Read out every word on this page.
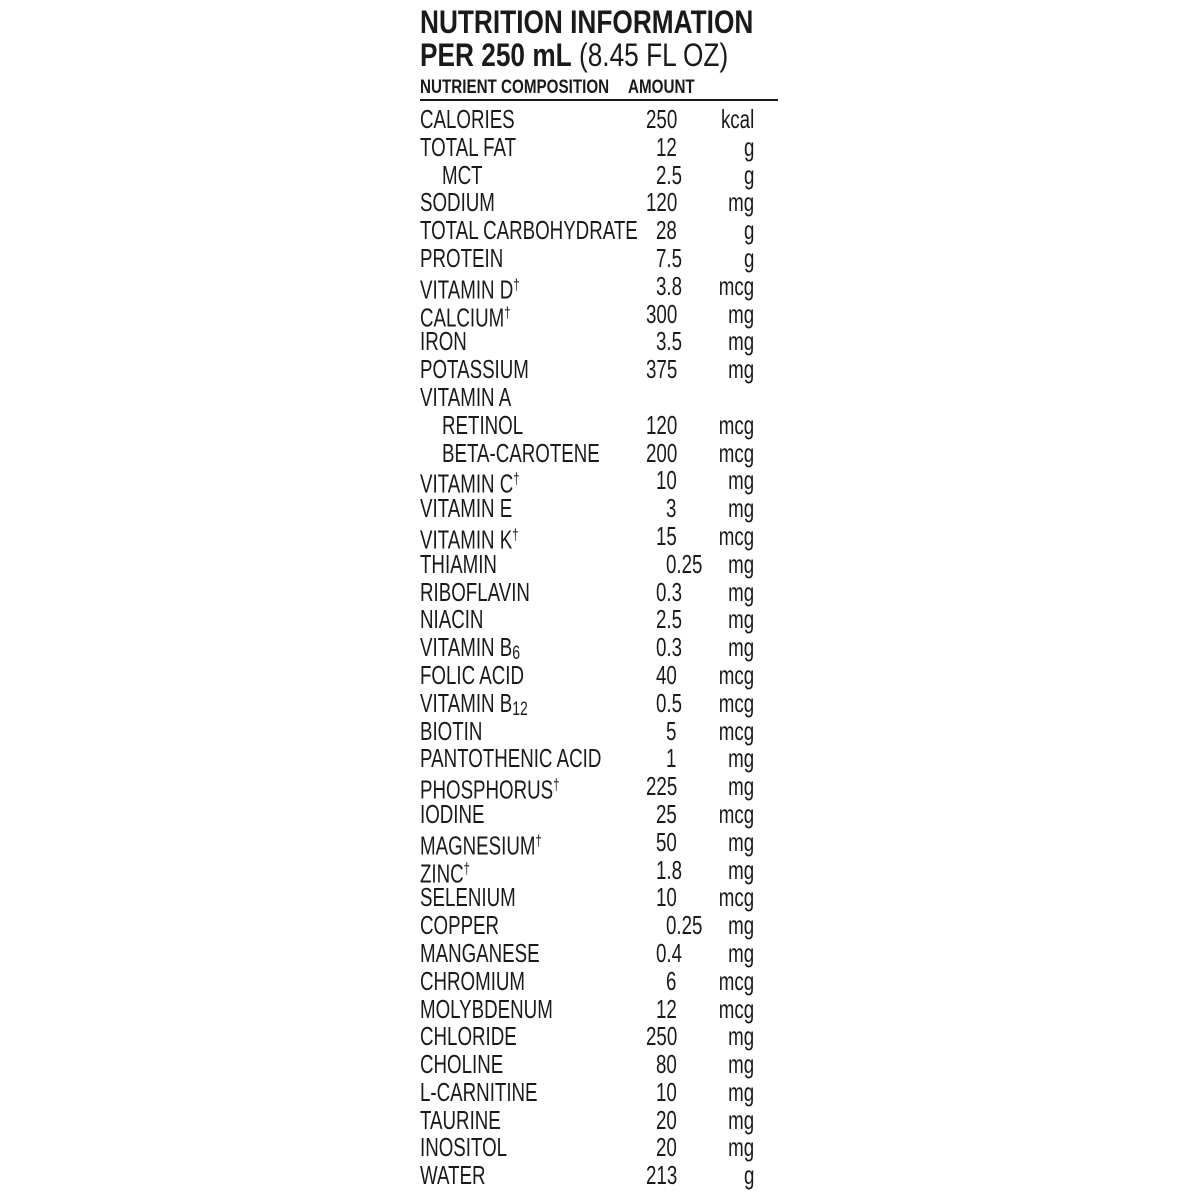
NUTRITION INFORMATION
PER 250 mL (8.45 FL OZ)
NUTRIENT COMPOSITION AMOUNT
CALORIES	250 kcal
TOTAL FAT	12	g
MCT	2.5 g
SODIUM	120 mg
TOTAL CARBOHYDRATE 28	g
PROTEIN	7.5 g
VITAMIN D†	3.8 mcg
CALCIUM†	300 mg
IRON	3.5 mg
POTASSIUM	375 mg
VITAMIN A
RETINOL	120 mcg
BETA-CAROTENE 200 mcg
VITAMIN C†	10 mg
VITAMIN E	3 mg
VITAMIN K†	15 mcg
THIAMIN	0.25 mg
RIBOFLAVIN	0.3 mg
NIACIN	2.5 mg
VITAMIN $B_6$	0.3 mg
FOLIC ACID	40 mcg
VITAMIN $B_{12}$	0.5 mcg
BIOTIN	5 mcg
PANTOTHENIC ACID 1 mg
PHOSPHORUS†	225 mg
IODINE	25 mcg
MAGNESIUM†	50 mg
ZINC†	1.8 mg
SELENIUM	10 mcg
COPPER	0.25 mg
MANGANESE	0.4 mg
CHROMIUM	6 mcg
MOLYBDENUM	12 mcg
CHLORIDE	250 mg
CHOLINE	80 mg
L-CARNITINE	10 mg
TAURINE	20 mg
INOSITOL	20 mg
WATER	213	g
